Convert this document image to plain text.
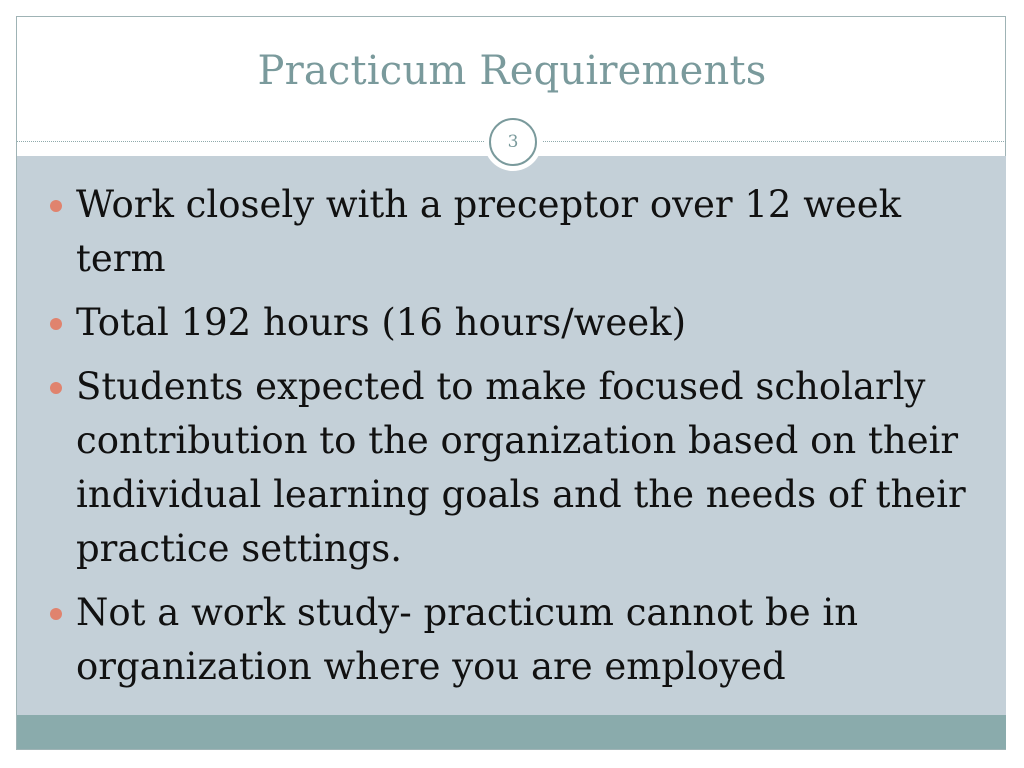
Practicum Requirements
3
Work closely with a preceptor over 12 week term
Total 192 hours (16 hours/week)
Students expected to make focused scholarly contribution to the organization based on their individual learning goals and the needs of their practice settings.
Not a work study- practicum cannot be in organization where you are employed
